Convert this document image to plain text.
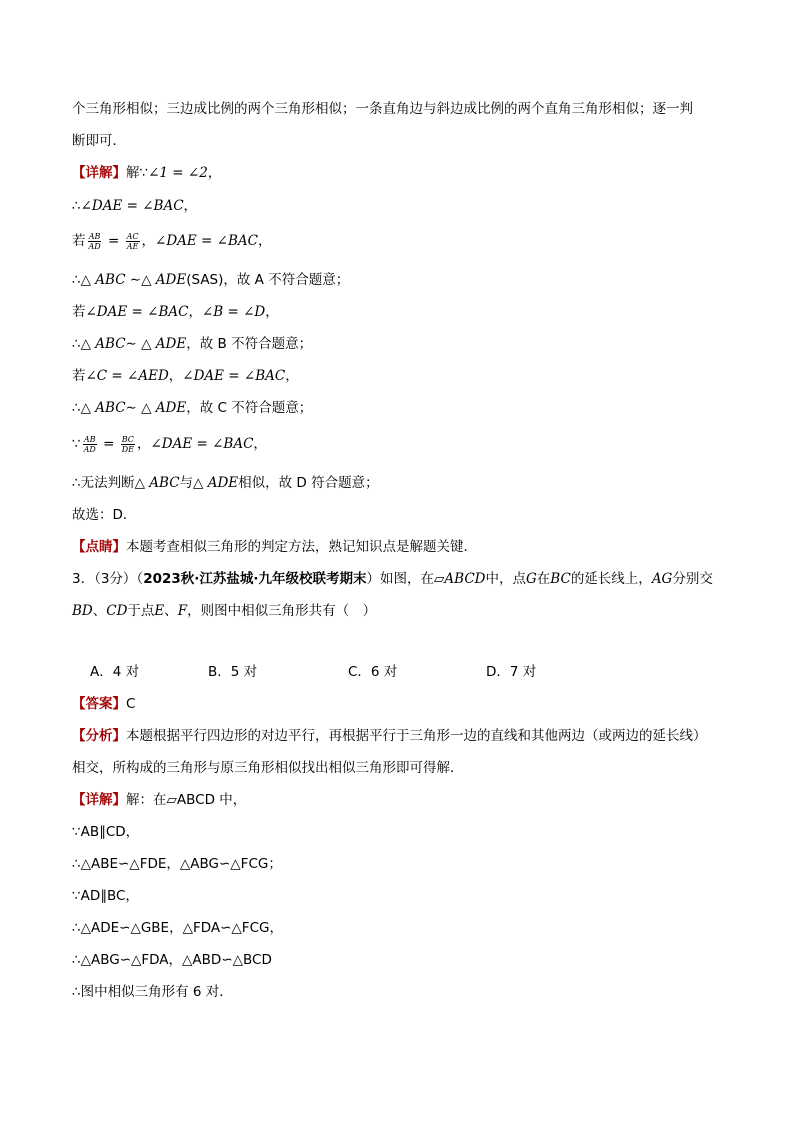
个三角形相似；三边成比例的两个三角形相似；一条直角边与斜边成比例的两个直角三角形相似；逐一判
断即可．
【详解】解∵∠1 = ∠2，
∴∠DAE = ∠BAC，
若 $\frac{AB}{AD} = \frac{AC}{AE}$ ，∠DAE = ∠BAC，
∴△ ABC ∼△ ADE(SAS)，故 A 不符合题意；
若∠DAE = ∠BAC，∠B = ∠D，
∴△ ABC∼ △ ADE，故 B 不符合题意；
若∠C = ∠AED，∠DAE = ∠BAC，
∴△ ABC∼ △ ADE，故 C 不符合题意；
∵ $\frac{AB}{AD} = \frac{BC}{DE}$ ，∠DAE = ∠BAC，
∴无法判断△ ABC与△ ADE相似，故 D 符合题意；
故选：D．
【点睛】本题考查相似三角形的判定方法，熟记知识点是解题关键．
3．（3分）（2023秋·江苏盐城·九年级校联考期末）如图，在▱ABCD中，点G在BC的延长线上，AG分别交
BD、CD于点E、F，则图中相似三角形共有（　）
A．4 对	B．5 对	C．6 对	D．7 对
【答案】C
【分析】本题根据平行四边形的对边平行，再根据平行于三角形一边的直线和其他两边（或两边的延长线）
相交，所构成的三角形与原三角形相似找出相似三角形即可得解．
【详解】解：在▱ABCD 中，
∵AB∥CD，
∴△ABE∽△FDE，△ABG∽△FCG；
∵AD∥BC，
∴△ADE∽△GBE，△FDA∽△FCG，
∴△ABG∽△FDA，△ABD∽△BCD
∴图中相似三角形有 6 对．
